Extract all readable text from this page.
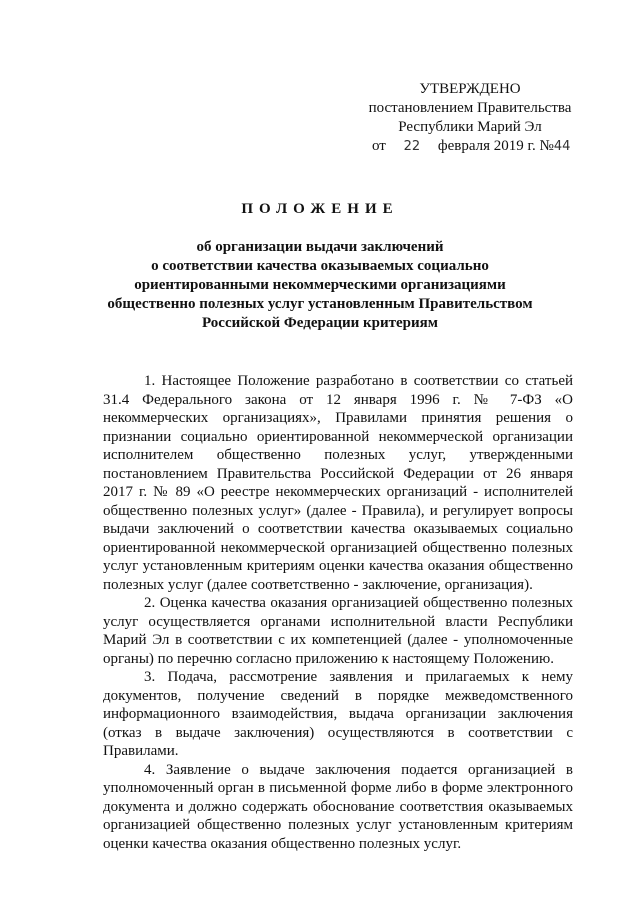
УТВЕРЖДЕНО
постановлением Правительства
Республики Марий Эл
от 22 февраля 2019 г. №44
ПОЛОЖЕНИЕ
об организации выдачи заключений
о соответствии качества оказываемых социально
ориентированными некоммерческими организациями
общественно полезных услуг установленным Правительством
Российской Федерации критериям

1. Настоящее Положение разработано в соответствии со статьей 31.4 Федерального закона от 12 января 1996 г. № 7-ФЗ «О некоммерческих организациях», Правилами принятия решения о признании социально ориентированной некоммерческой организации исполнителем общественно полезных услуг, утвержденными постановлением Правительства Российской Федерации от 26 января 2017 г. № 89 «О реестре некоммерческих организаций - исполнителей общественно полезных услуг» (далее - Правила), и регулирует вопросы выдачи заключений о соответствии качества оказываемых социально ориентированной некоммерческой организацией общественно полезных услуг установленным критериям оценки качества оказания общественно полезных услуг (далее соответственно - заключение, организация).

2. Оценка качества оказания организацией общественно полезных услуг осуществляется органами исполнительной власти Республики Марий Эл в соответствии с их компетенцией (далее - уполномоченные органы) по перечню согласно приложению к настоящему Положению.

3. Подача, рассмотрение заявления и прилагаемых к нему документов, получение сведений в порядке межведомственного информационного взаимодействия, выдача организации заключения (отказ в выдаче заключения) осуществляются в соответствии с Правилами.

4. Заявление о выдаче заключения подается организацией в уполномоченный орган в письменной форме либо в форме электронного документа и должно содержать обоснование соответствия оказываемых организацией общественно полезных услуг установленным критериям оценки качества оказания общественно полезных услуг.
